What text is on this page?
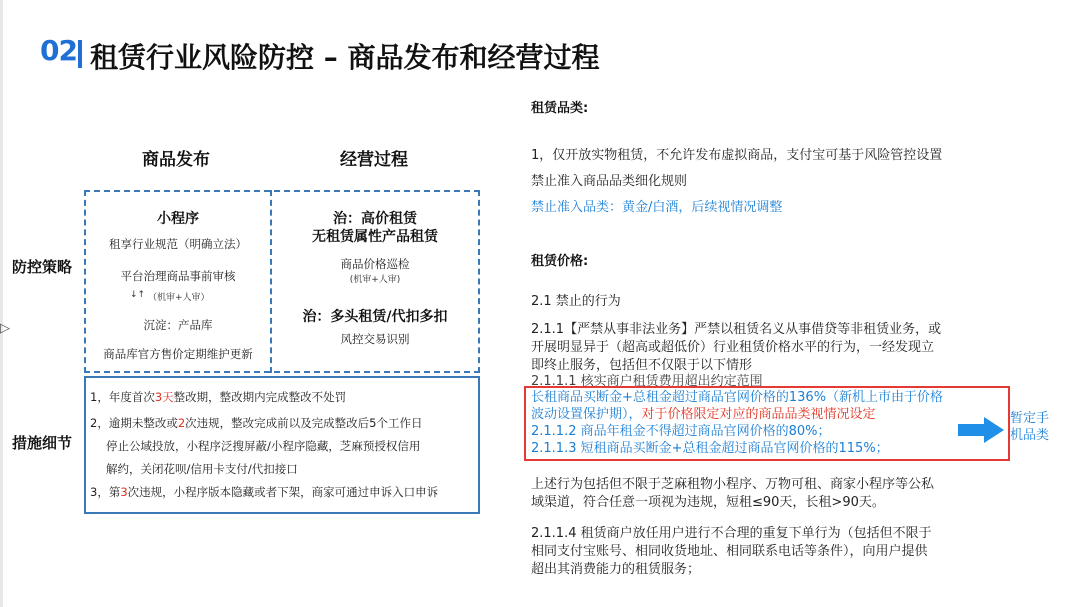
▷
02 租赁行业风险防控 – 商品发布和经营过程
商品发布	经营过程
防控策略
措施细节
小程序
租享行业规范（明确立法）
平台治理商品事前审核
↓↑ （机审+人审）
沉淀：产品库
商品库官方售价定期维护更新
治：高价租赁
无租赁属性产品租赁
商品价格巡检
(机审+人审)
治：多头租赁/代扣多扣
风控交易识别
1，年度首次3天整改期，整改期内完成整改不处罚
2，逾期未整改或2次违规，整改完成前以及完成整改后5个工作日
停止公域投放，小程序泛搜屏蔽/小程序隐藏，芝麻预授权信用
解约，关闭花呗/信用卡支付/代扣接口
3，第3次违规，小程序版本隐藏或者下架，商家可通过申诉入口申诉
租赁品类:
1，仅开放实物租赁，不允许发布虚拟商品，支付宝可基于风险管控设置
禁止准入商品品类细化规则
禁止准入品类：黄金/白酒，后续视情况调整
租赁价格:
2.1 禁止的行为
2.1.1【严禁从事非法业务】严禁以租赁名义从事借贷等非租赁业务，或
开展明显异于（超高或超低价）行业租赁价格水平的行为，一经发现立
即终止服务，包括但不仅限于以下情形
2.1.1.1 核实商户租赁费用超出约定范围
长租商品买断金+总租金超过商品官网价格的136%（新机上市由于价格
波动设置保护期），对于价格限定对应的商品品类视情况设定
2.1.1.2 商品年租金不得超过商品官网价格的80%；
2.1.1.3 短租商品买断金+总租金超过商品官网价格的115%；
暂定手
机品类
上述行为包括但不限于芝麻租物小程序、万物可租、商家小程序等公私
域渠道，符合任意一项视为违规，短租≤90天，长租>90天。
2.1.1.4 租赁商户放任用户进行不合理的重复下单行为（包括但不限于
相同支付宝账号、相同收货地址、相同联系电话等条件），向用户提供
超出其消费能力的租赁服务；
